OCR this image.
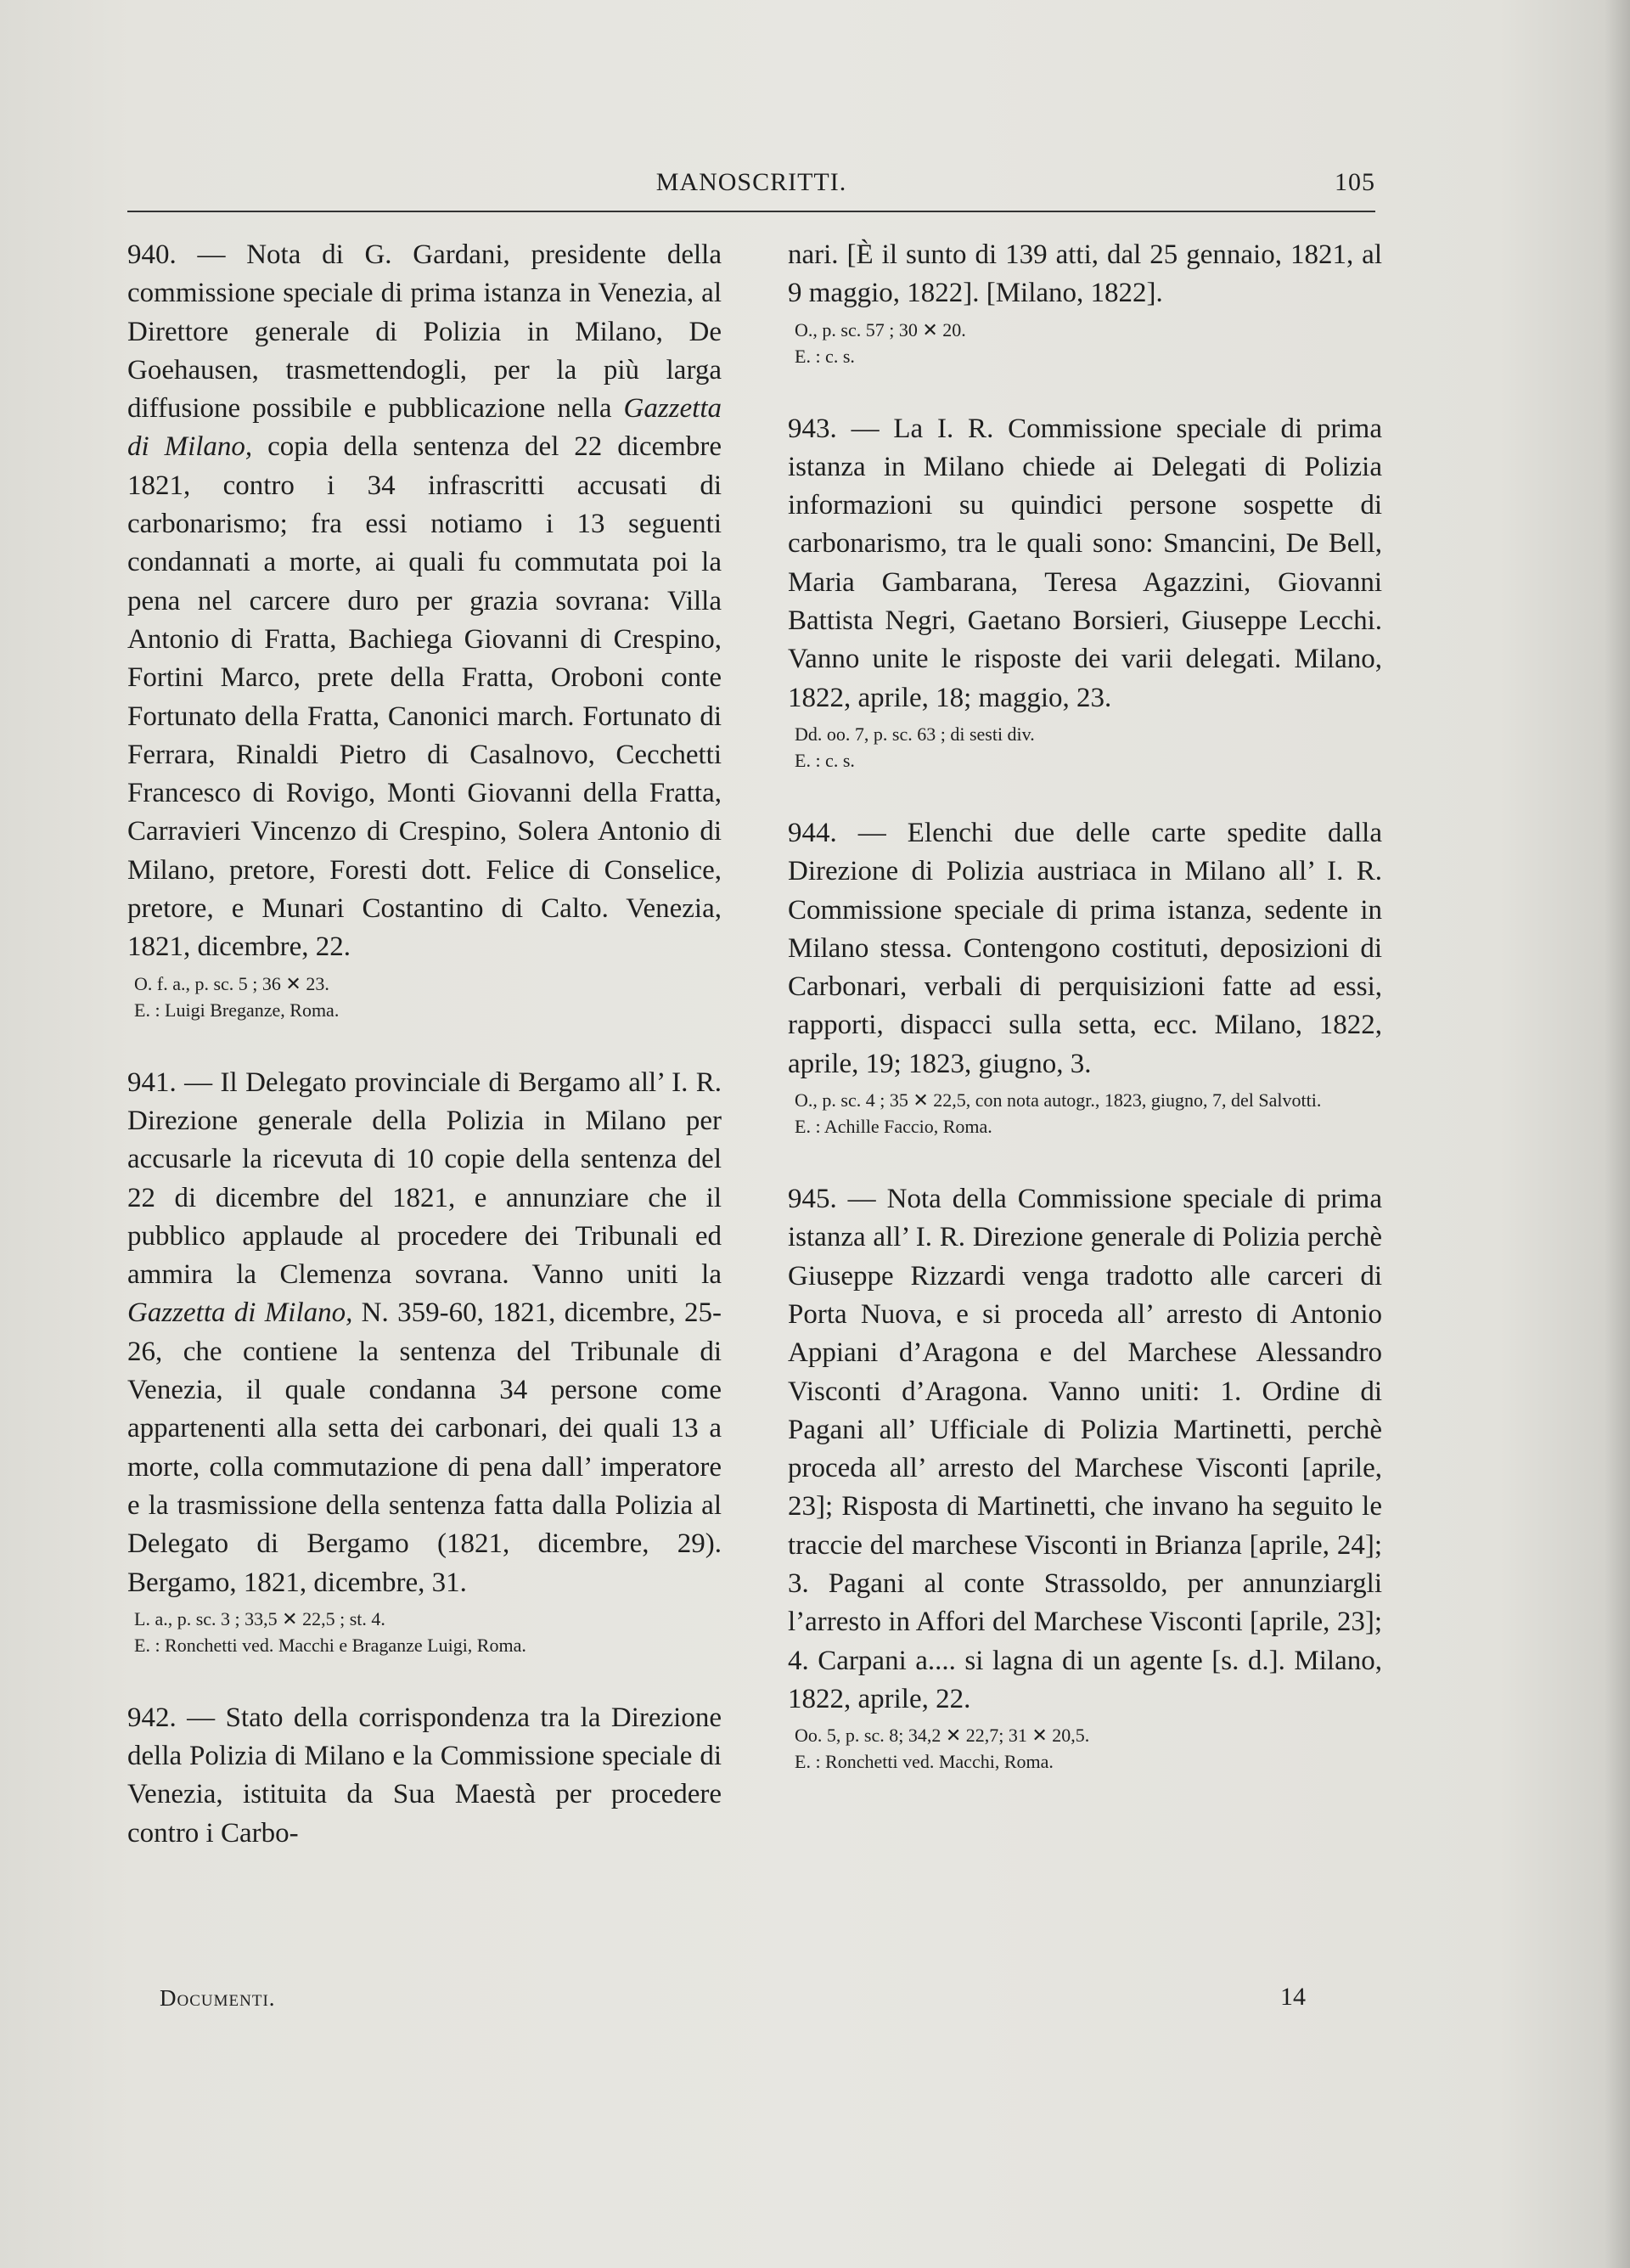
MANOSCRITTI.	105

940. — Nota di G. Gardani, presidente della commissione speciale di prima istanza in Venezia, al Direttore generale di Polizia in Milano, De Goehausen, trasmettendogli, per la più larga diffusione possibile e pubblicazione nella Gazzetta di Milano, copia della sentenza del 22 dicembre 1821, contro i 34 infrascritti accusati di carbonarismo; fra essi notiamo i 13 seguenti condannati a morte, ai quali fu commutata poi la pena nel carcere duro per grazia sovrana: Villa Antonio di Fratta, Bachiega Giovanni di Crespino, Fortini Marco, prete della Fratta, Oroboni conte Fortunato della Fratta, Canonici march. Fortunato di Ferrara, Rinaldi Pietro di Casalnovo, Cecchetti Francesco di Rovigo, Monti Giovanni della Fratta, Carravieri Vincenzo di Crespino, Solera Antonio di Milano, pretore, Foresti dott. Felice di Conselice, pretore, e Munari Costantino di Calto. Venezia, 1821, dicembre, 22.

O. f. a., p. sc. 5 ; 36 ✕ 23.
E. : Luigi Breganze, Roma.

941. — Il Delegato provinciale di Bergamo all’ I. R. Direzione generale della Polizia in Milano per accusarle la ricevuta di 10 copie della sentenza del 22 di dicembre del 1821, e annunziare che il pubblico applaude al procedere dei Tribunali ed ammira la Clemenza sovrana. Vanno uniti la Gazzetta di Milano, N. 359-60, 1821, dicembre, 25-26, che contiene la sentenza del Tribunale di Venezia, il quale condanna 34 persone come appartenenti alla setta dei carbonari, dei quali 13 a morte, colla commutazione di pena dall’ imperatore e la trasmissione della sentenza fatta dalla Polizia al Delegato di Bergamo (1821, dicembre, 29). Bergamo, 1821, dicembre, 31.

L. a., p. sc. 3 ; 33,5 ✕ 22,5 ; st. 4.
E. : Ronchetti ved. Macchi e Braganze Luigi, Roma.

942. — Stato della corrispondenza tra la Direzione della Polizia di Milano e la Commissione speciale di Venezia, istituita da Sua Maestà per procedere contro i Carbo-

nari. [È il sunto di 139 atti, dal 25 gennaio, 1821, al 9 maggio, 1822]. [Milano, 1822].

O., p. sc. 57 ; 30 ✕ 20.
E. : c. s.

943. — La I. R. Commissione speciale di prima istanza in Milano chiede ai Delegati di Polizia informazioni su quindici persone sospette di carbonarismo, tra le quali sono: Smancini, De Bell, Maria Gambarana, Teresa Agazzini, Giovanni Battista Negri, Gaetano Borsieri, Giuseppe Lecchi. Vanno unite le risposte dei varii delegati. Milano, 1822, aprile, 18; maggio, 23.

Dd. oo. 7, p. sc. 63 ; di sesti div.
E. : c. s.

944. — Elenchi due delle carte spedite dalla Direzione di Polizia austriaca in Milano all’ I. R. Commissione speciale di prima istanza, sedente in Milano stessa. Contengono costituti, deposizioni di Carbonari, verbali di perquisizioni fatte ad essi, rapporti, dispacci sulla setta, ecc. Milano, 1822, aprile, 19; 1823, giugno, 3.

O., p. sc. 4 ; 35 ✕ 22,5, con nota autogr., 1823, giugno, 7, del Salvotti.
E. : Achille Faccio, Roma.

945. — Nota della Commissione speciale di prima istanza all’ I. R. Direzione generale di Polizia perchè Giuseppe Rizzardi venga tradotto alle carceri di Porta Nuova, e si proceda all’ arresto di Antonio Appiani d’Aragona e del Marchese Alessandro Visconti d’Aragona. Vanno uniti: 1. Ordine di Pagani all’ Ufficiale di Polizia Martinetti, perchè proceda all’ arresto del Marchese Visconti [aprile, 23]; Risposta di Martinetti, che invano ha seguito le traccie del marchese Visconti in Brianza [aprile, 24]; 3. Pagani al conte Strassoldo, per annunziargli l’arresto in Affori del Marchese Visconti [aprile, 23]; 4. Carpani a.... si lagna di un agente [s. d.]. Milano, 1822, aprile, 22.

Oo. 5, p. sc. 8; 34,2 ✕ 22,7; 31 ✕ 20,5.
E. : Ronchetti ved. Macchi, Roma.
Documenti.	14
